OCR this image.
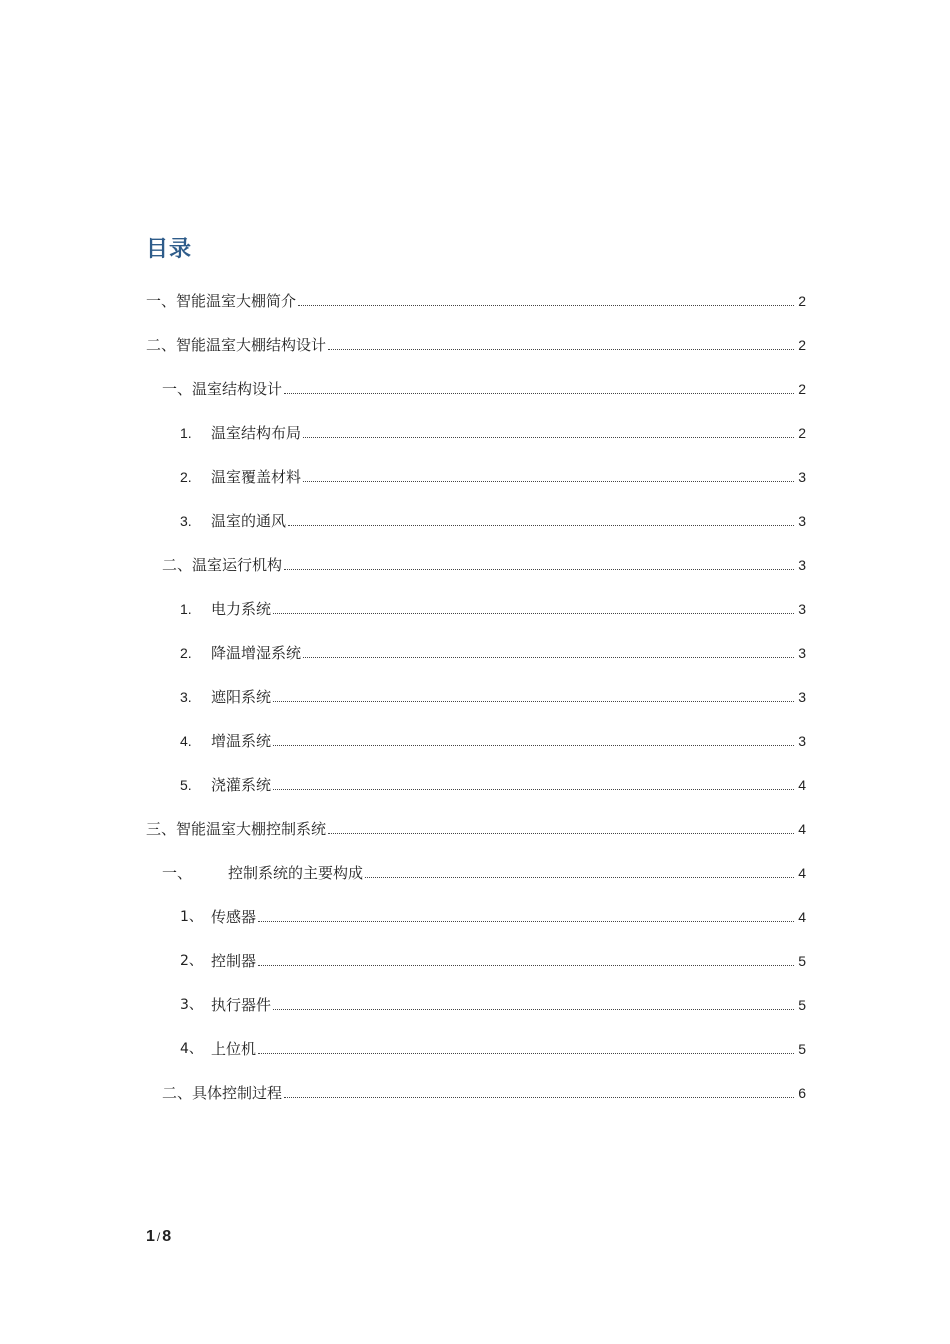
目录
一、智能温室大棚简介	2
二、智能温室大棚结构设计	2
一、温室结构设计	2
1.	温室结构布局	2
2.	温室覆盖材料	3
3.	温室的通风	3
二、温室运行机构	3
1.	电力系统	3
2.	降温增湿系统	3
3.	遮阳系统	3
4.	增温系统	3
5.	浇灌系统	4
三、智能温室大棚控制系统	4
一、	控制系统的主要构成	4
1、 传感器	4
2、 控制器	5
3、 执行器件	5
4、 上位机	5
二、具体控制过程	6
1 / 8
